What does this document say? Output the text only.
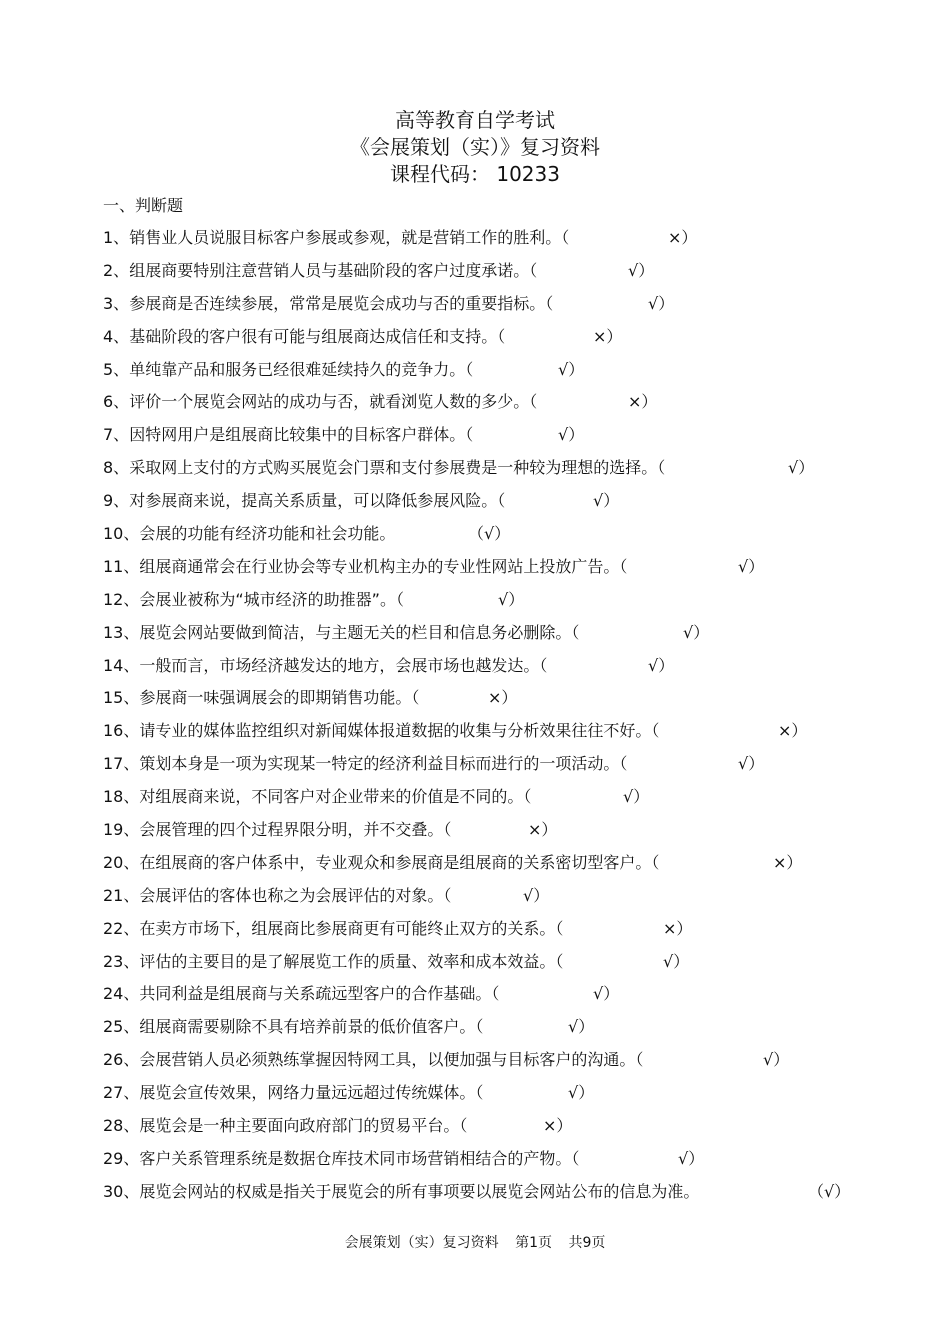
高等教育自学考试
《会展策划（实）》复习资料
课程代码： 10233
一、判断题
1、销售业人员说服目标客户参展或参观，就是营销工作的胜利。（	×）
2、组展商要特别注意营销人员与基础阶段的客户过度承诺。（	√）
3、参展商是否连续参展，常常是展览会成功与否的重要指标。（	√）
4、基础阶段的客户很有可能与组展商达成信任和支持。（	×）
5、单纯靠产品和服务已经很难延续持久的竞争力。（	√）
6、评价一个展览会网站的成功与否，就看浏览人数的多少。（	×）
7、因特网用户是组展商比较集中的目标客户群体。（	√）
8、采取网上支付的方式购买展览会门票和支付参展费是一种较为理想的选择。（	√）
9、对参展商来说，提高关系质量，可以降低参展风险。（	√）
10、会展的功能有经济功能和社会功能。	（√）
11、组展商通常会在行业协会等专业机构主办的专业性网站上投放广告。（	√）
12、会展业被称为“城市经济的助推器”。（	√）
13、展览会网站要做到简洁，与主题无关的栏目和信息务必删除。（	√）
14、一般而言，市场经济越发达的地方，会展市场也越发达。（	√）
15、参展商一味强调展会的即期销售功能。（	×）
16、请专业的媒体监控组织对新闻媒体报道数据的收集与分析效果往往不好。（	×）
17、策划本身是一项为实现某一特定的经济利益目标而进行的一项活动。（	√）
18、对组展商来说，不同客户对企业带来的价值是不同的。（	√）
19、会展管理的四个过程界限分明，并不交叠。（	×）
20、在组展商的客户体系中，专业观众和参展商是组展商的关系密切型客户。（	×）
21、会展评估的客体也称之为会展评估的对象。（	√）
22、在卖方市场下，组展商比参展商更有可能终止双方的关系。（	×）
23、评估的主要目的是了解展览工作的质量、效率和成本效益。（	√）
24、共同利益是组展商与关系疏远型客户的合作基础。（	√）
25、组展商需要剔除不具有培养前景的低价值客户。（	√）
26、会展营销人员必须熟练掌握因特网工具，以便加强与目标客户的沟通。（	√）
27、展览会宣传效果，网络力量远远超过传统媒体。（	√）
28、展览会是一种主要面向政府部门的贸易平台。（	×）
29、客户关系管理系统是数据仓库技术同市场营销相结合的产物。（	√）
30、展览会网站的权威是指关于展览会的所有事项要以展览会网站公布的信息为准。	（√）
会展策划（实）复习资料 第1页 共9页
